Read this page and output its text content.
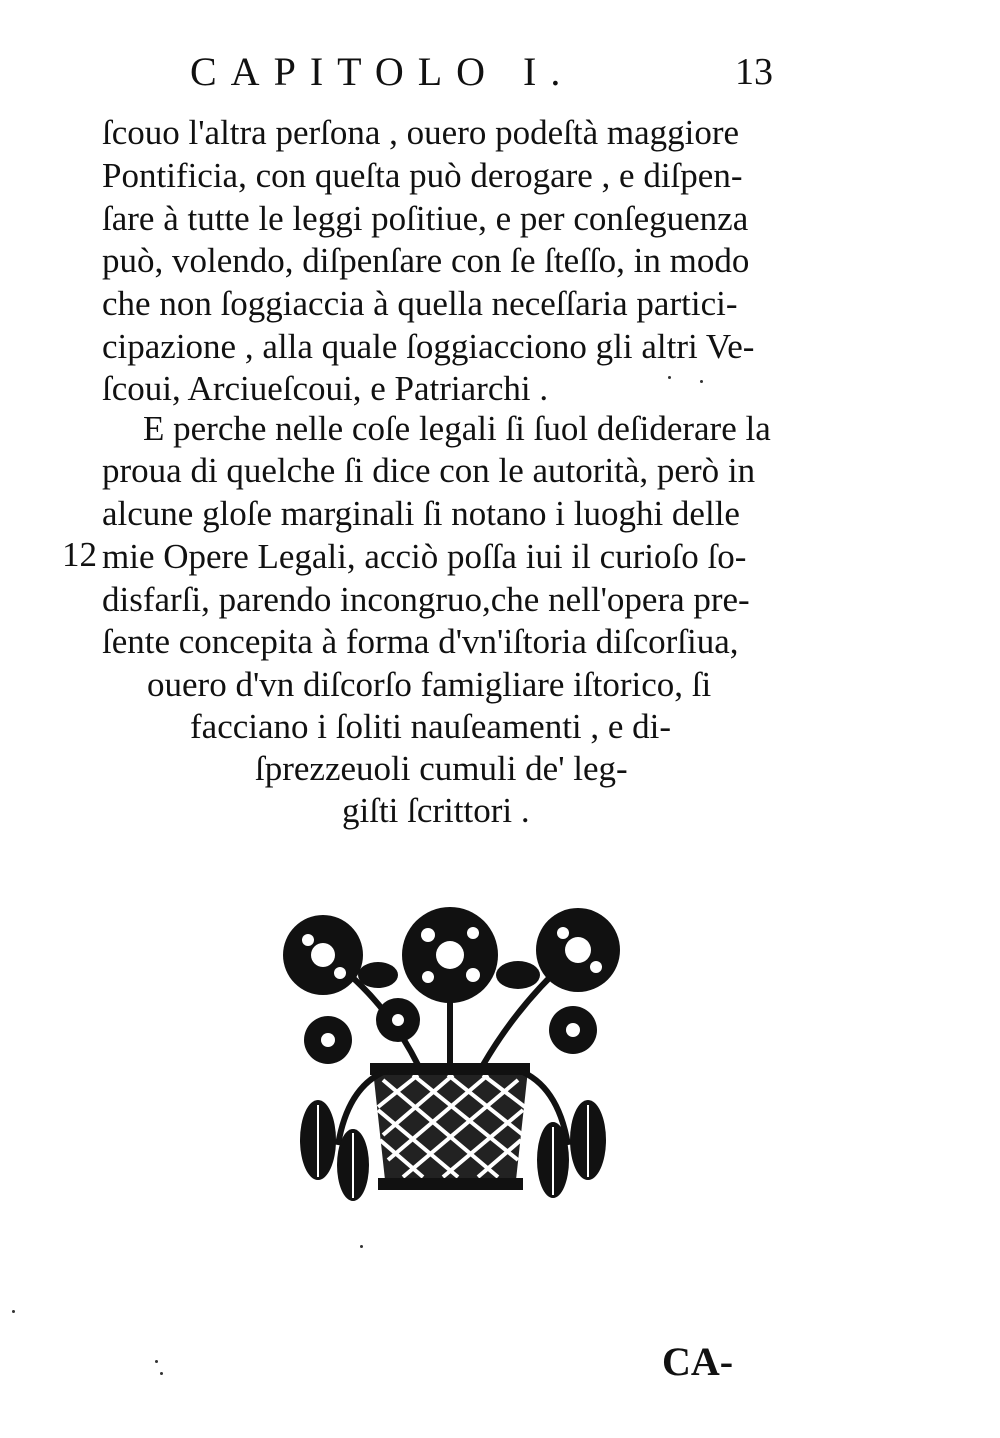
CAPITOLO I.	13
ſcouo l'altra perſona , ouero podeſtà maggiore
Pontificia, con queſta può derogare , e diſpen-
ſare à tutte le leggi poſitiue, e per conſeguenza
può, volendo, diſpenſare con ſe ſteſſo, in modo
che non ſoggiaccia à quella neceſſaria partici-
cipazione , alla quale ſoggiacciono gli altri Ve-
ſcoui, Arciueſcoui, e Patriarchi .
E perche nelle coſe legali ſi ſuol deſiderare la
proua di quelche ſi dice con le autorità, però in
alcune gloſe marginali ſi notano i luoghi delle
mie Opere Legali, acciò poſſa iui il curioſo ſo-
disfarſi, parendo incongruo,che nell'opera pre-
ſente concepita à forma d'vn'iſtoria diſcorſiua,
ouero d'vn diſcorſo famigliare iſtorico, ſi
facciano i ſoliti nauſeamenti , e di-
ſprezzeuoli cumuli de' leg-
giſti ſcrittori .
12
CA-
